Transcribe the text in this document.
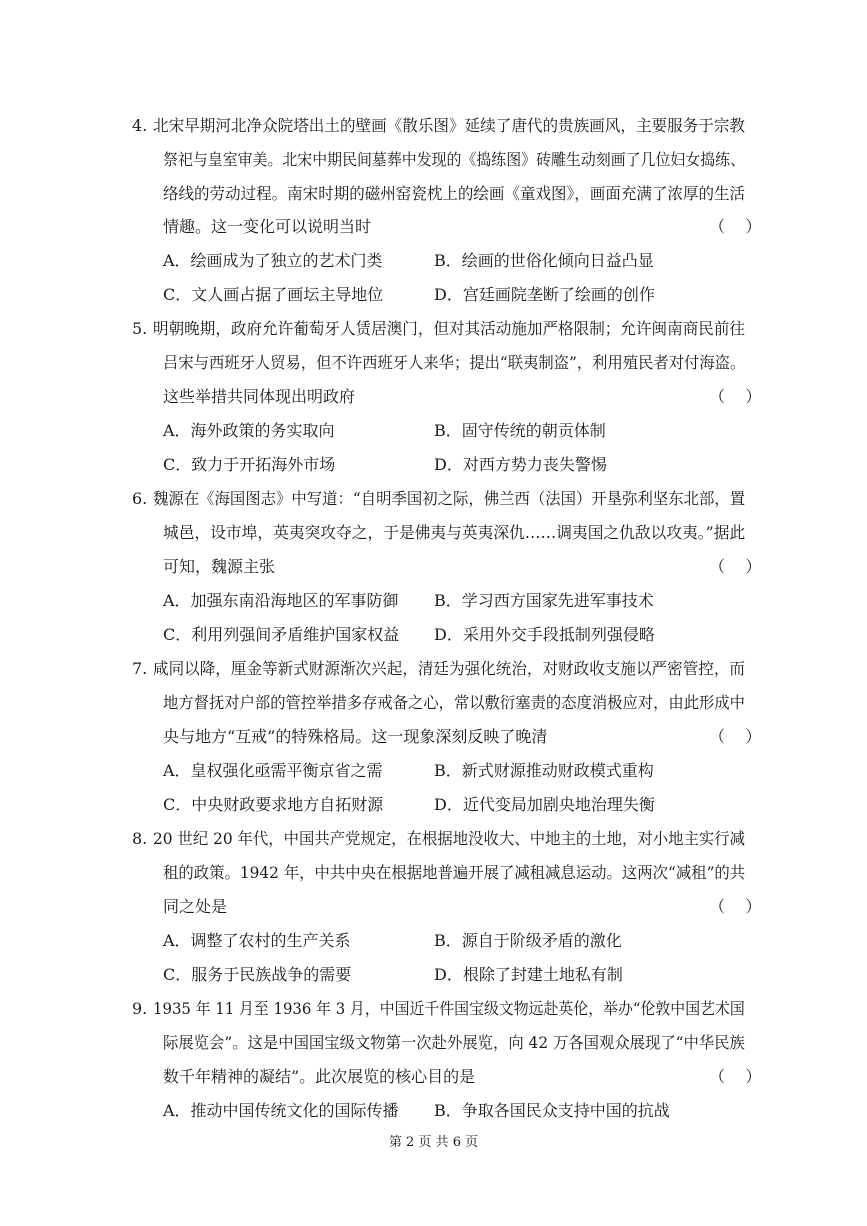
4. 北宋早期河北净众院塔出土的壁画《散乐图》延续了唐代的贵族画风，主要服务于宗教
祭祀与皇室审美。北宋中期民间墓葬中发现的《捣练图》砖雕生动刻画了几位妇女捣练、
络线的劳动过程。南宋时期的磁州窑瓷枕上的绘画《童戏图》，画面充满了浓厚的生活
情趣。这一变化可以说明当时	（    ）
A．绘画成为了独立的艺术门类	B．绘画的世俗化倾向日益凸显
C．文人画占据了画坛主导地位	D．宫廷画院垄断了绘画的创作
5. 明朝晚期，政府允许葡萄牙人赁居澳门，但对其活动施加严格限制；允许闽南商民前往
吕宋与西班牙人贸易，但不许西班牙人来华；提出“联夷制盗”，利用殖民者对付海盗。
这些举措共同体现出明政府	（    ）
A．海外政策的务实取向	B．固守传统的朝贡体制
C．致力于开拓海外市场	D．对西方势力丧失警惕
6. 魏源在《海国图志》中写道：“自明季国初之际，佛兰西（法国）开垦弥利坚东北部，置
城邑，设市埠，英夷突攻夺之，于是佛夷与英夷深仇……调夷国之仇敌以攻夷。”据此
可知，魏源主张	（    ）
A．加强东南沿海地区的军事防御 B．学习西方国家先进军事技术
C．利用列强间矛盾维护国家权益 D．采用外交手段抵制列强侵略
7. 咸同以降，厘金等新式财源渐次兴起，清廷为强化统治，对财政收支施以严密管控，而
地方督抚对户部的管控举措多存戒备之心，常以敷衍塞责的态度消极应对，由此形成中
央与地方“互戒”的特殊格局。这一现象深刻反映了晚清	（    ）
A．皇权强化亟需平衡京省之需	B．新式财源推动财政模式重构
C．中央财政要求地方自拓财源	D．近代变局加剧央地治理失衡
8. 20 世纪 20 年代，中国共产党规定，在根据地没收大、中地主的土地，对小地主实行减
租的政策。1942 年，中共中央在根据地普遍开展了减租减息运动。这两次“减租”的共
同之处是	（    ）
A．调整了农村的生产关系	B．源自于阶级矛盾的激化
C．服务于民族战争的需要	D．根除了封建土地私有制
9. 1935 年 11 月至 1936 年 3 月，中国近千件国宝级文物远赴英伦，举办“伦敦中国艺术国
际展览会”。这是中国国宝级文物第一次赴外展览，向 42 万各国观众展现了“中华民族
数千年精神的凝结”。此次展览的核心目的是	（    ）
A．推动中国传统文化的国际传播 B．争取各国民众支持中国的抗战
第 2 页 共 6 页
